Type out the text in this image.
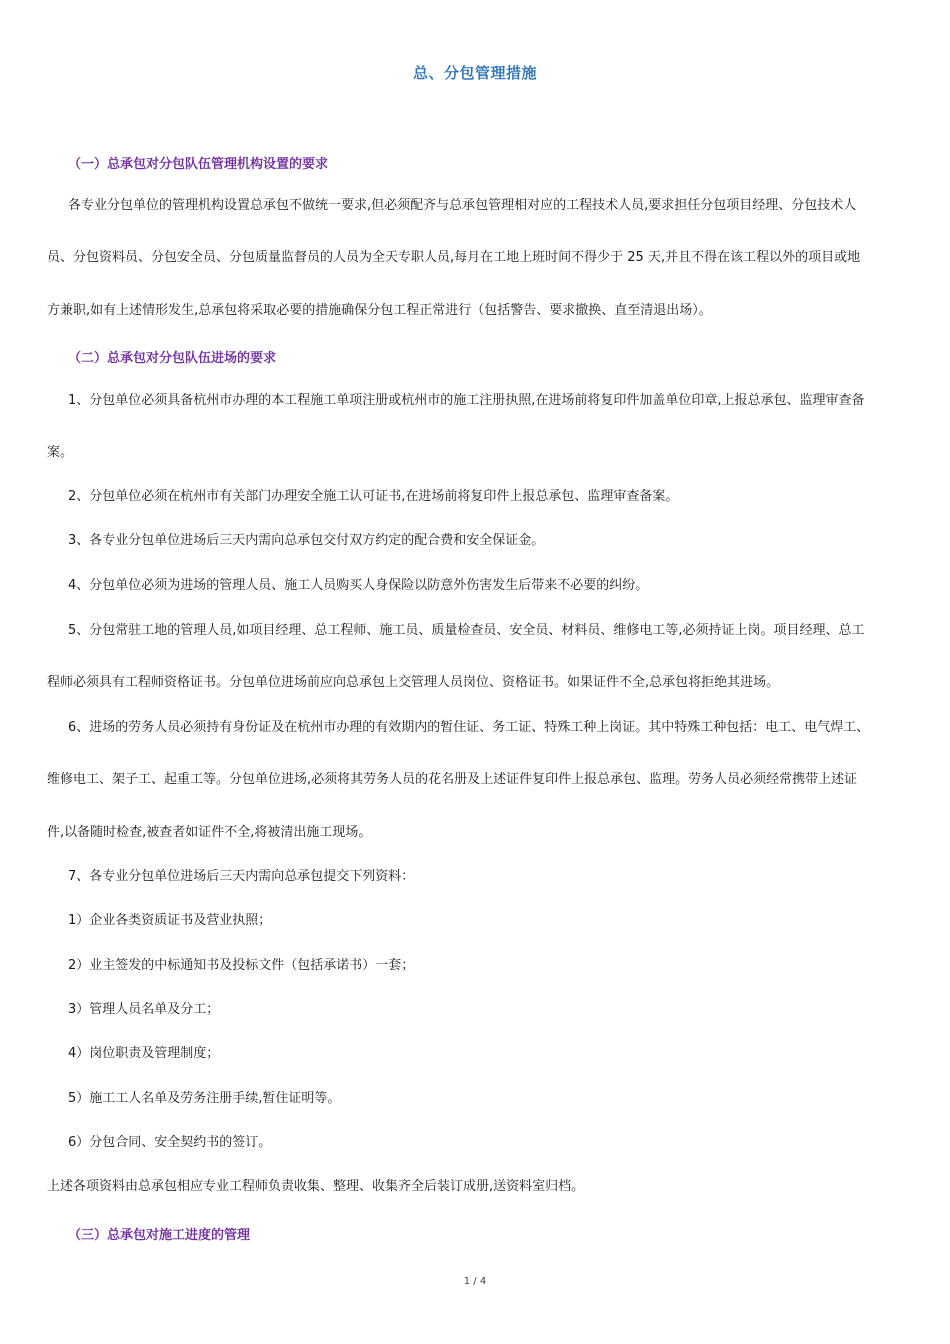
总、分包管理措施
（一）总承包对分包队伍管理机构设置的要求
各专业分包单位的管理机构设置总承包不做统一要求,但必须配齐与总承包管理相对应的工程技术人员,要求担任分包项目经理、分包技术人
员、分包资料员、分包安全员、分包质量监督员的人员为全天专职人员,每月在工地上班时间不得少于 25 天,并且不得在该工程以外的项目或地
方兼职,如有上述情形发生,总承包将采取必要的措施确保分包工程正常进行（包括警告、要求撤换、直至清退出场）。
（二）总承包对分包队伍进场的要求
1、分包单位必须具备杭州市办理的本工程施工单项注册或杭州市的施工注册执照,在进场前将复印件加盖单位印章,上报总承包、监理审查备
案。
2、分包单位必须在杭州市有关部门办理安全施工认可证书,在进场前将复印件上报总承包、监理审查备案。
3、各专业分包单位进场后三天内需向总承包交付双方约定的配合费和安全保证金。
4、分包单位必须为进场的管理人员、施工人员购买人身保险以防意外伤害发生后带来不必要的纠纷。
5、分包常驻工地的管理人员,如项目经理、总工程师、施工员、质量检查员、安全员、材料员、维修电工等,必须持证上岗。项目经理、总工
程师必须具有工程师资格证书。分包单位进场前应向总承包上交管理人员岗位、资格证书。如果证件不全,总承包将拒绝其进场。
6、进场的劳务人员必须持有身份证及在杭州市办理的有效期内的暂住证、务工证、特殊工种上岗证。其中特殊工种包括：电工、电气焊工、
维修电工、架子工、起重工等。分包单位进场,必须将其劳务人员的花名册及上述证件复印件上报总承包、监理。劳务人员必须经常携带上述证
件,以备随时检查,被查者如证件不全,将被清出施工现场。
7、各专业分包单位进场后三天内需向总承包提交下列资料：
1）企业各类资质证书及营业执照；
2）业主签发的中标通知书及投标文件（包括承诺书）一套；
3）管理人员名单及分工；
4）岗位职责及管理制度；
5）施工工人名单及劳务注册手续,暂住证明等。
6）分包合同、安全契约书的签订。
上述各项资料由总承包相应专业工程师负责收集、整理、收集齐全后装订成册,送资料室归档。
（三）总承包对施工进度的管理
1 / 4
